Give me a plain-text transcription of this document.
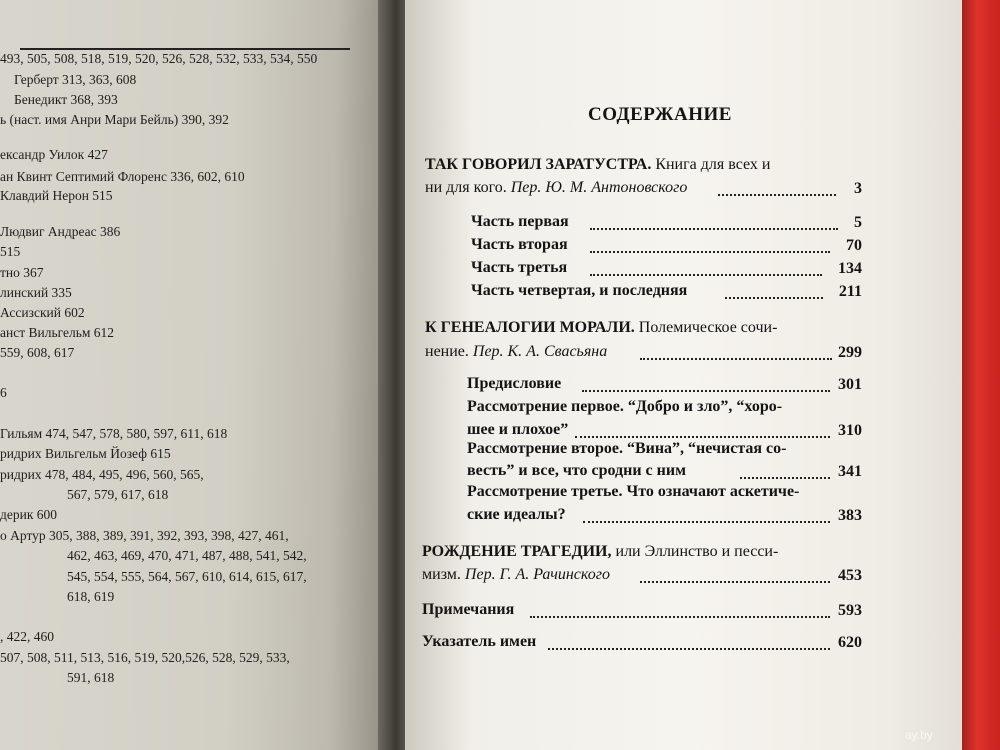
493, 505, 508, 518, 519, 520, 526, 528, 532, 533, 534, 550
Герберт 313, 363, 608
Бенедикт 368, 393
ь (наст. имя Анри Мари Бейль) 390, 392
ександр Уилок 427
ан Квинт Септимий Флоренс 336, 602, 610
Клавдий Нерон 515
Людвиг Андреас 386
515
тно 367
линский 335
Ассизский 602
анст Вильгельм 612
559, 608, 617
6
Гильям 474, 547, 578, 580, 597, 611, 618
ридрих Вильгельм Йозеф 615
ридрих 478, 484, 495, 496, 560, 565,
567, 579, 617, 618
дерик 600
о Артур 305, 388, 389, 391, 392, 393, 398, 427, 461,
462, 463, 469, 470, 471, 487, 488, 541, 542,
545, 554, 555, 564, 567, 610, 614, 615, 617,
618, 619
, 422, 460
507, 508, 511, 513, 516, 519, 520,526, 528, 529, 533,
591, 618
СОДЕРЖАНИЕ
ТАК ГОВОРИЛ ЗАРАТУСТРА. Книга для всех и
ни для кого. Пер. Ю. М. Антоновского	3
Часть первая	5
Часть вторая	70
Часть третья	134
Часть четвертая, и последняя	211
К ГЕНЕАЛОГИИ МОРАЛИ. Полемическое сочи-
нение. Пер. К. А. Свасьяна	299
Предисловие	301
Рассмотрение первое. “Добро и зло”, “хоро-
шее и плохое”	310
Рассмотрение второе. “Вина”, “нечистая со-
весть” и все, что сродни с ним	341
Рассмотрение третье. Что означают аскетиче-
ские идеалы?	383
РОЖДЕНИЕ ТРАГЕДИИ, или Эллинство и песси-
мизм. Пер. Г. А. Рачинского	453
Примечания	593
Указатель имен	620
ay.by
